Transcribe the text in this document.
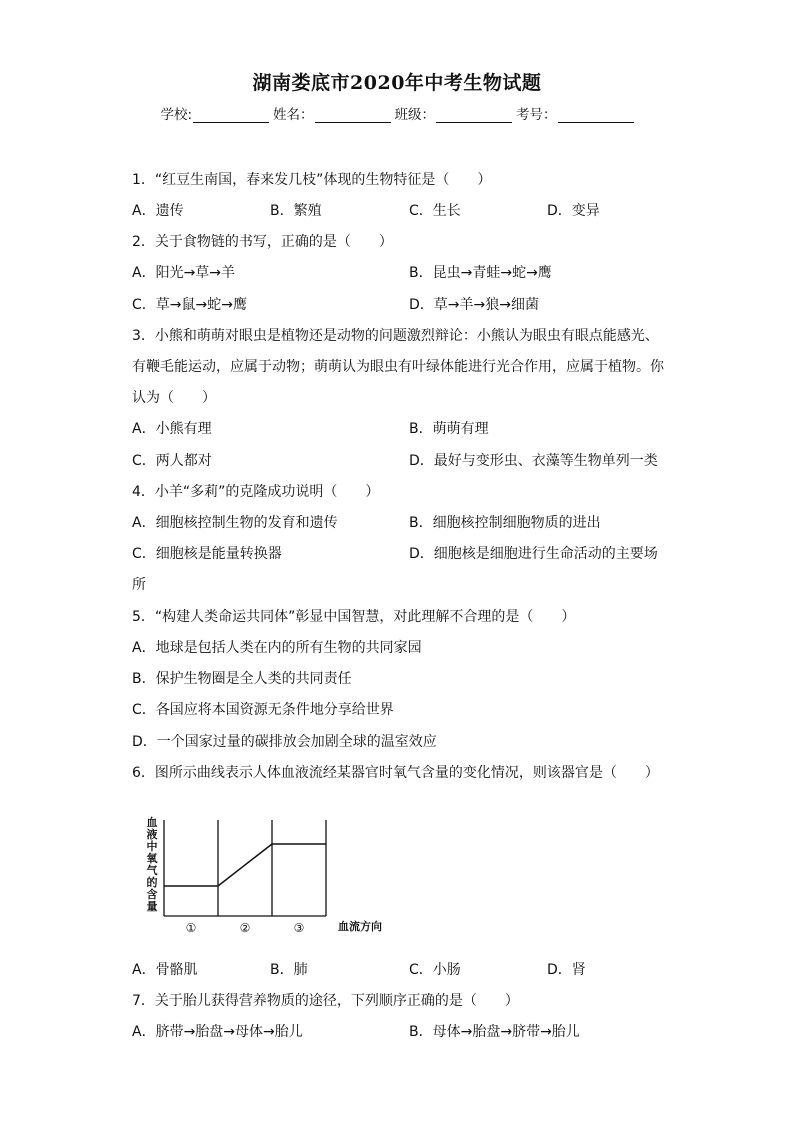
湖南娄底市2020年中考生物试题
学校:	姓名：	班级：	考号：
1．“红豆生南国，春来发几枝”体现的生物特征是（　　）
A．遗传	B．繁殖	C．生长	D．变异
2．关于食物链的书写，正确的是（　　）
A．阳光→草→羊	B．昆虫→青蛙→蛇→鹰
C．草→鼠→蛇→鹰	D．草→羊→狼→细菌
3．小熊和萌萌对眼虫是植物还是动物的问题激烈辩论：小熊认为眼虫有眼点能感光、
有鞭毛能运动，应属于动物；萌萌认为眼虫有叶绿体能进行光合作用，应属于植物。你
认为（　　）
A．小熊有理	B．萌萌有理
C．两人都对	D．最好与变形虫、衣藻等生物单列一类
4．小羊“多莉”的克隆成功说明（　　）
A．细胞核控制生物的发育和遗传	B．细胞核控制细胞物质的进出
C．细胞核是能量转换器	D．细胞核是细胞进行生命活动的主要场
所
5．“构建人类命运共同体”彰显中国智慧，对此理解不合理的是（　　）
A．地球是包括人类在内的所有生物的共同家园
B．保护生物圈是全人类的共同责任
C．各国应将本国资源无条件地分享给世界
D．一个国家过量的碳排放会加剧全球的温室效应
6．图所示曲线表示人体血液流经某器官时氧气含量的变化情况，则该器官是（　　）
血
液
中
氧
气
的
含
量
血流方向
①	②	③
A．骨骼肌	B．肺	C．小肠	D．肾
7．关于胎儿获得营养物质的途径，下列顺序正确的是（　　）
A．脐带→胎盘→母体→胎儿	B．母体→胎盘→脐带→胎儿
